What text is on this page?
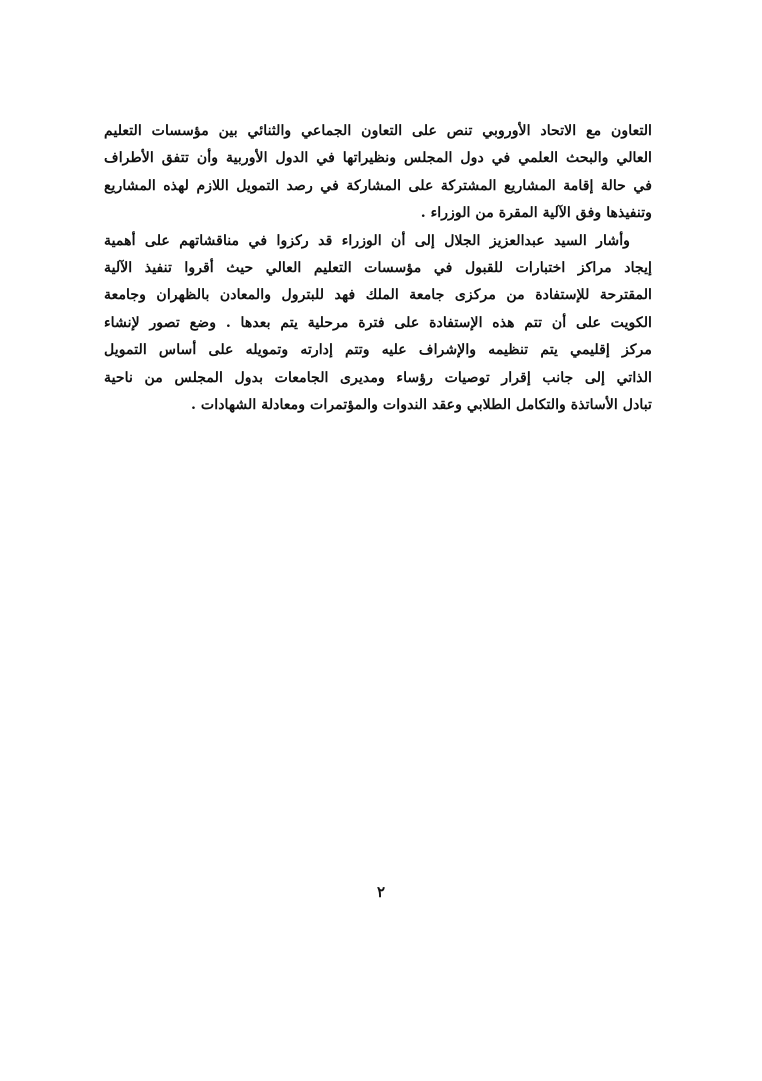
التعاون مع الاتحاد الأوروبي تنص على التعاون الجماعي والثنائي بين مؤسسات التعليم
العالي والبحث العلمي في دول المجلس ونظيراتها في الدول الأوربية وأن تتفق الأطراف
في حالة إقامة المشاريع المشتركة على المشاركة في رصد التمويل اللازم لهذه المشاريع
وتنفيذها وفق الآلية المقرة من الوزراء .
وأشار السيد عبدالعزيز الجلال إلى أن الوزراء قد ركزوا في مناقشاتهم على أهمية
إيجاد مراكز اختبارات للقبول في مؤسسات التعليم العالي حيث أقروا تنفيذ الآلية
المقترحة للإستفادة من مركزى جامعة الملك فهد للبترول والمعادن بالظهران وجامعة
الكويت على أن تتم هذه الإستفادة على فترة مرحلية يتم بعدها . وضع تصور لإنشاء
مركز إقليمي يتم تنظيمه والإشراف عليه وتتم إدارته وتمويله على أساس التمويل
الذاتي إلى جانب إقرار توصيات رؤساء ومديرى الجامعات بدول المجلس من ناحية
تبادل الأساتذة والتكامل الطلابي وعقد الندوات والمؤتمرات ومعادلة الشهادات .
٢
